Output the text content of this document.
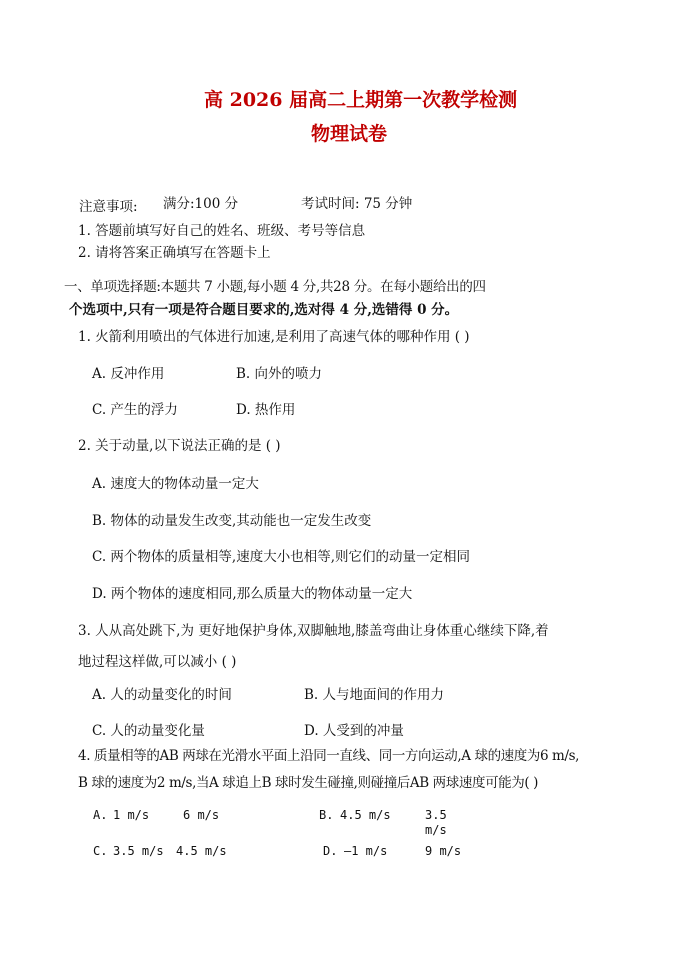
高 2026 届高二上期第一次教学检测
物理试卷
注意事项: 满分:100 分	考试时间: 75 分钟
1. 答题前填写好自己的姓名、班级、考号等信息
2. 请将答案正确填写在答题卡上
一、单项选择题:本题共 7 小题,每小题 4 分,共28 分。在每小题给出的四
个选项中,只有一项是符合题目要求的,选对得 4 分,选错得 0 分。
1. 火箭利用喷出的气体进行加速,是利用了高速气体的哪种作用 ( )
A. 反冲作用	B. 向外的喷力
C. 产生的浮力	D. 热作用
2. 关于动量,以下说法正确的是 ( )
A. 速度大的物体动量一定大
B. 物体的动量发生改变,其动能也一定发生改变
C. 两个物体的质量相等,速度大小也相等,则它们的动量一定相同
D. 两个物体的速度相同,那么质量大的物体动量一定大
3. 人从高处跳下,为 更好地保护身体,双脚触地,膝盖弯曲让身体重心继续下降,着
地过程这样做,可以减小 ( )
A. 人的动量变化的时间	B. 人与地面间的作用力
C. 人的动量变化量	D. 人受到的冲量
4. 质量相等的AB 两球在光滑水平面上沿同一直线、同一方向运动,A 球的速度为6 m/s,
B 球的速度为2 m/s,当A 球追上B 球时发生碰撞,则碰撞后AB 两球速度可能为( )
A. 1 m/s	6 m/s	B. 4.5 m/s	3.5
m/s
C. 3.5 m/s 4.5 m/s	D. —1 m/s	9 m/s
